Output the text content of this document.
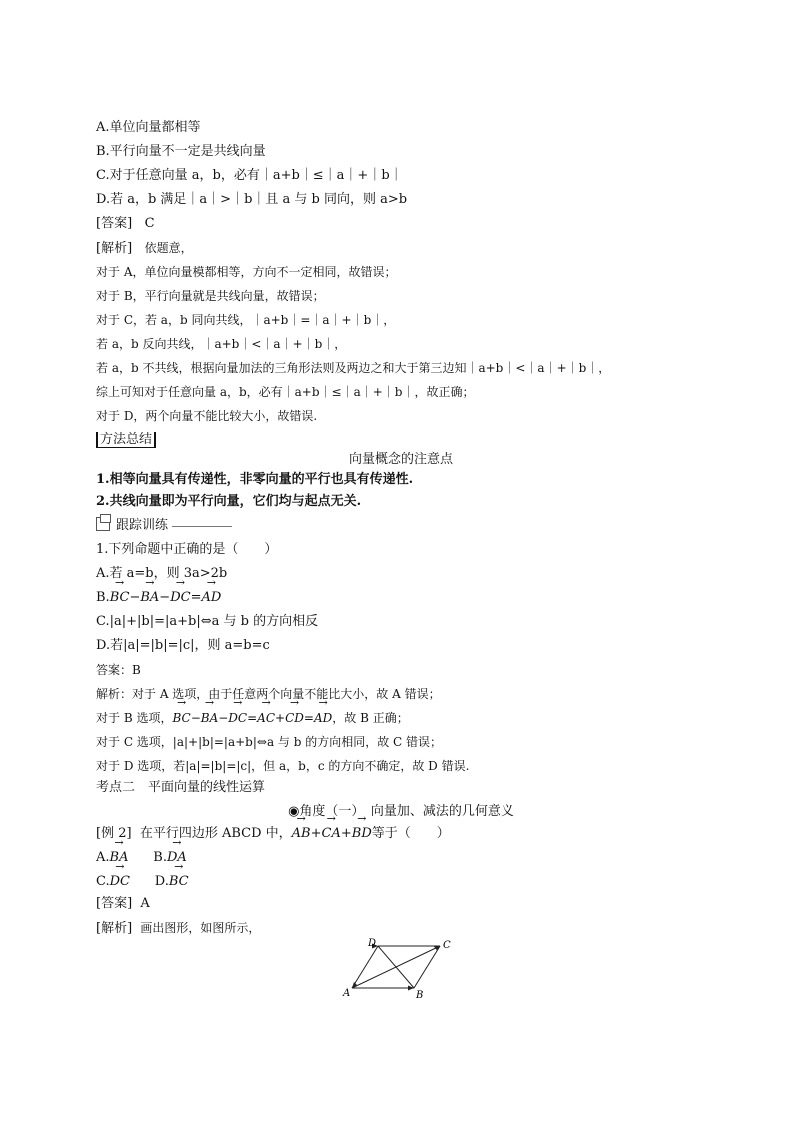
A.单位向量都相等
B.平行向量不一定是共线向量
C.对于任意向量 a，b，必有｜a+b｜≤｜a｜+｜b｜
D.若 a，b 满足｜a｜>｜b｜且 a 与 b 同向，则 a>b
[答案] C
[解析] 依题意，
对于 A，单位向量模都相等，方向不一定相同，故错误；
对于 B，平行向量就是共线向量，故错误；
对于 C，若 a，b 同向共线，｜a+b｜=｜a｜+｜b｜，
若 a，b 反向共线，｜a+b｜<｜a｜+｜b｜，
若 a，b 不共线，根据向量加法的三角形法则及两边之和大于第三边知｜a+b｜<｜a｜+｜b｜，
综上可知对于任意向量 a，b，必有｜a+b｜≤｜a｜+｜b｜，故正确；
对于 D，两个向量不能比较大小，故错误.
方法总结
向量概念的注意点
1.相等向量具有传递性，非零向量的平行也具有传递性.
2.共线向量即为平行向量，它们均与起点无关.
跟踪训练
1.下列命题中正确的是（　　）
A.若 a=b，则 3a>2b
B.→ BC−→ BA−→ DC=→ AD
C.|a|+|b|=|a+b|⇔a 与 b 的方向相反
D.若|a|=|b|=|c|，则 a=b=c
答案：B
解析：对于 A 选项，由于任意两个向量不能比大小，故 A 错误；
对于 B 选项，→ BC−→ BA−→ DC=→ AC+→ CD=→ AD，故 B 正确；
对于 C 选项，|a|+|b|=|a+b|⇔a 与 b 的方向相同，故 C 错误；
对于 D 选项，若|a|=|b|=|c|，但 a，b，c 的方向不确定，故 D 错误.
考点二　平面向量的线性运算
◉角度（一）　向量加、减法的几何意义
[例 2] 在平行四边形 ABCD 中，→ AB+→ CA+→ BD等于（　　）
A.→ BA B.→ DA
C.→ DC D.→ BC
[答案] A
[解析] 画出图形，如图所示，
A	B
C
D
